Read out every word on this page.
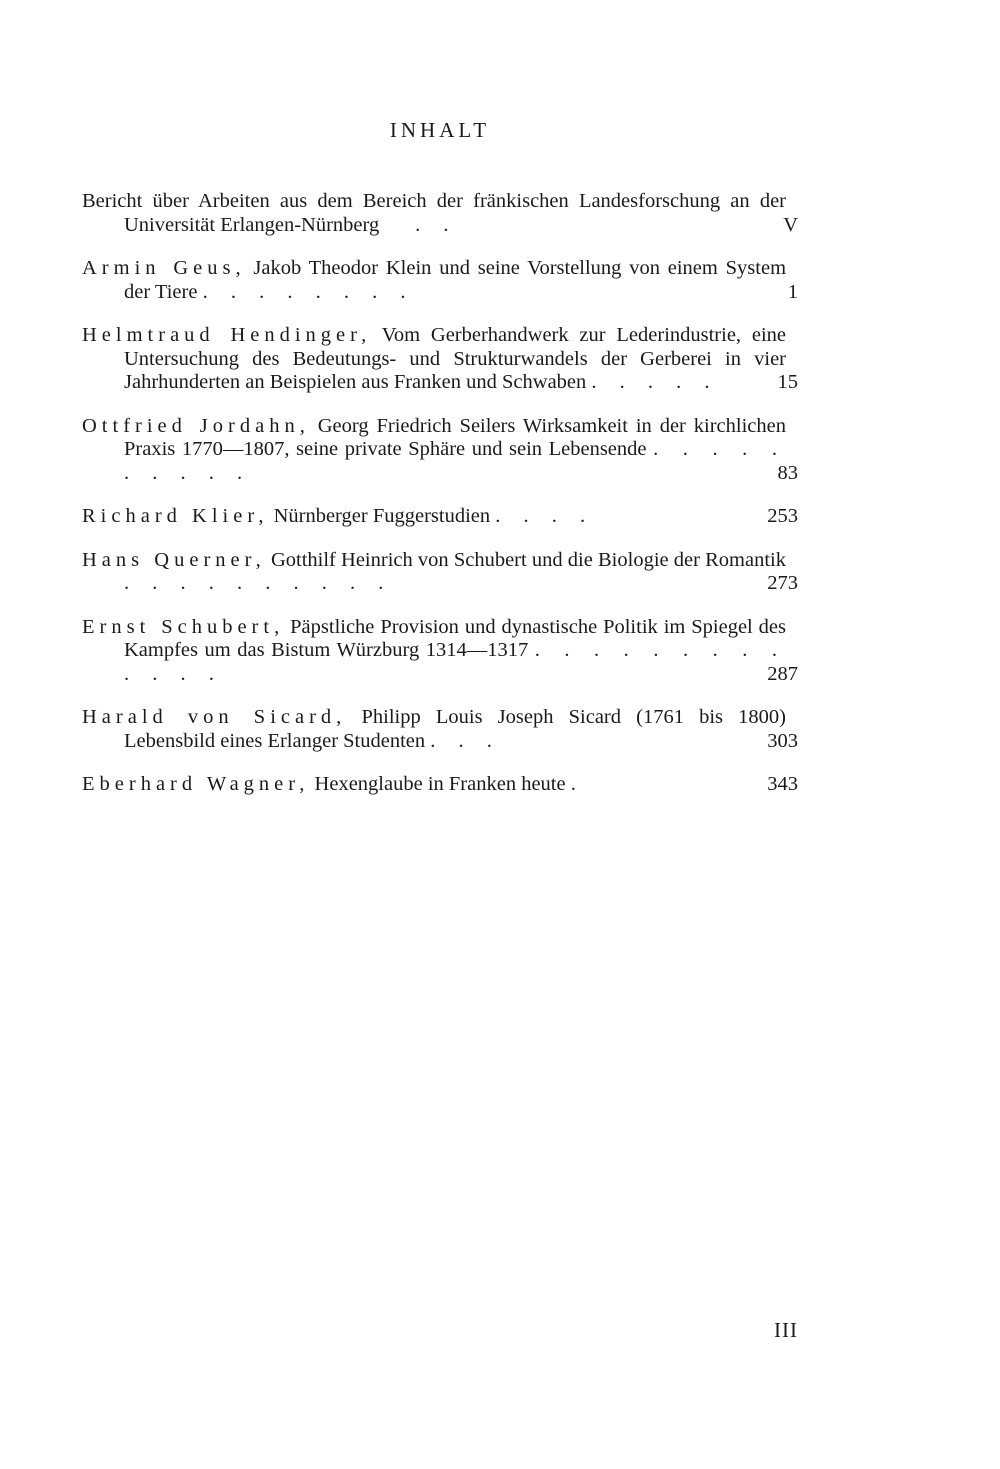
INHALT
Bericht über Arbeiten aus dem Bereich der fränkischen Landesforschung an der Universität Erlangen-Nürnberg . .	V
Armin Geus, Jakob Theodor Klein und seine Vorstellung von einem System der Tiere . . . . . . . .	1
Helmtraud Hendinger, Vom Gerberhandwerk zur Lederindustrie, eine Untersuchung des Bedeutungs- und Strukturwandels der Gerberei in vier Jahrhunderten an Beispielen aus Franken und Schwaben . . . . .	15
Ottfried Jordahn, Georg Friedrich Seilers Wirksamkeit in der kirchlichen Praxis 1770—1807, seine private Sphäre und sein Lebensende . . . . . . . . . .	83
Richard Klier, Nürnberger Fuggerstudien . . . .	253
Hans Querner, Gotthilf Heinrich von Schubert und die Biologie der Romantik . . . . . . . . . .	273
Ernst Schubert, Päpstliche Provision und dynastische Politik im Spiegel des Kampfes um das Bistum Würzburg 1314—1317 . . . . . . . . . . . . .	287
Harald von Sicard, Philipp Louis Joseph Sicard (1761 bis 1800) Lebensbild eines Erlanger Studenten . . .	303
Eberhard Wagner, Hexenglaube in Franken heute .	343
III
